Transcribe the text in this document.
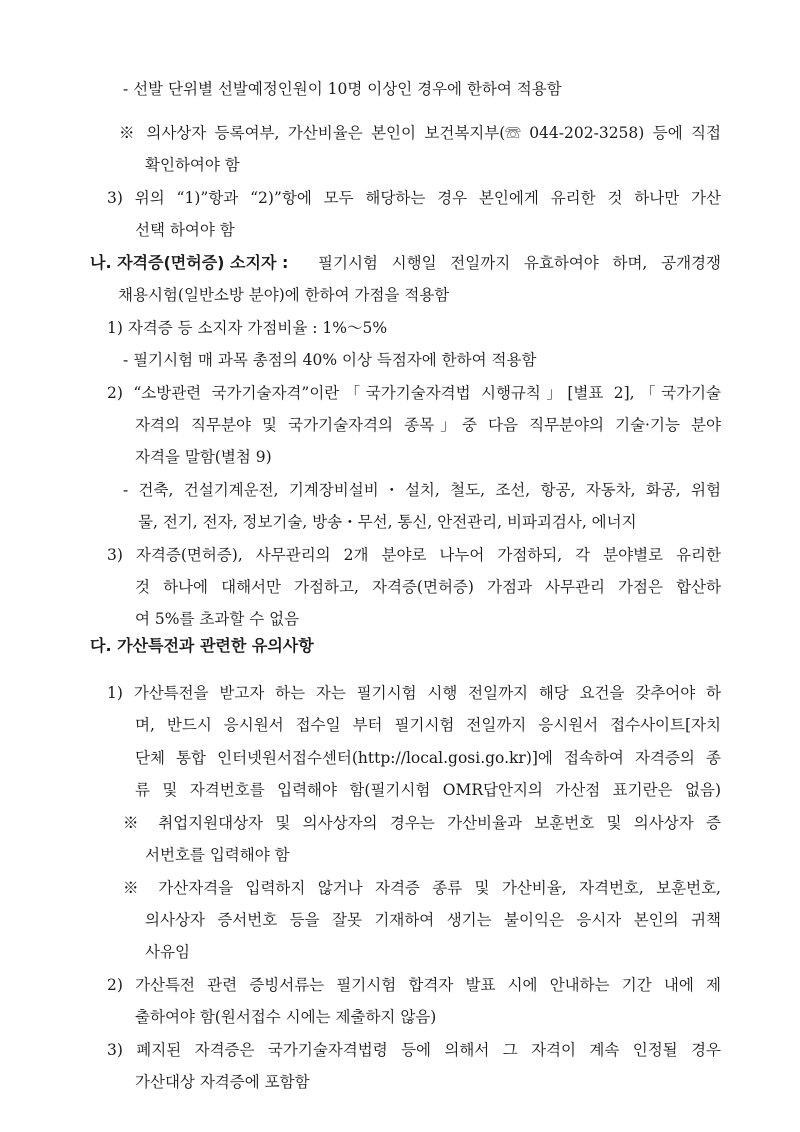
나. 자격증(면허증) 소지자 :
다. 가산특전과 관련한 유의사항
- 선발 단위별 선발예정인원이 10명 이상인 경우에 한하여 적용함
※ 의사상자 등록여부, 가산비율은 본인이 보건복지부(☏ 044-202-3258) 등에 직접
확인하여야 함
3) 위의 “1)”항과 “2)”항에 모두 해당하는 경우 본인에게 유리한 것 하나만 가산
선택 하여야 함
필기시험 시행일 전일까지 유효하여야 하며, 공개경쟁
채용시험(일반소방 분야)에 한하여 가점을 적용함
1) 자격증 등 소지자 가점비율 : 1%～5%
- 필기시험 매 과목 총점의 40% 이상 득점자에 한하여 적용함
2) “소방관련 국가기술자격”이란「국가기술자격법 시행규칙」[별표 2],「국가기술
자격의 직무분야 및 국가기술자격의 종목」중 다음 직무분야의 기술·기능 분야
자격을 말함(별첨 9)
- 건축, 건설기계운전, 기계장비설비・설치, 철도, 조선, 항공, 자동차, 화공, 위험
물, 전기, 전자, 정보기술, 방송・무선, 통신, 안전관리, 비파괴검사, 에너지
3) 자격증(면허증), 사무관리의 2개 분야로 나누어 가점하되, 각 분야별로 유리한
것 하나에 대해서만 가점하고, 자격증(면허증) 가점과 사무관리 가점은 합산하
여 5%를 초과할 수 없음
1) 가산특전을 받고자 하는 자는 필기시험 시행 전일까지 해당 요건을 갖추어야 하
며, 반드시 응시원서 접수일 부터 필기시험 전일까지 응시원서 접수사이트[자치
단체 통합 인터넷원서접수센터(http://local.gosi.go.kr)]에 접속하여 자격증의 종
류 및 자격번호를 입력해야 함(필기시험 OMR답안지의 가산점 표기란은 없음)
※ 취업지원대상자 및 의사상자의 경우는 가산비율과 보훈번호 및 의사상자 증
서번호를 입력해야 함
※ 가산자격을 입력하지 않거나 자격증 종류 및 가산비율, 자격번호, 보훈번호,
의사상자 증서번호 등을 잘못 기재하여 생기는 불이익은 응시자 본인의 귀책
사유임
2) 가산특전 관련 증빙서류는 필기시험 합격자 발표 시에 안내하는 기간 내에 제
출하여야 함(원서접수 시에는 제출하지 않음)
3) 폐지된 자격증은 국가기술자격법령 등에 의해서 그 자격이 계속 인정될 경우
가산대상 자격증에 포함함
